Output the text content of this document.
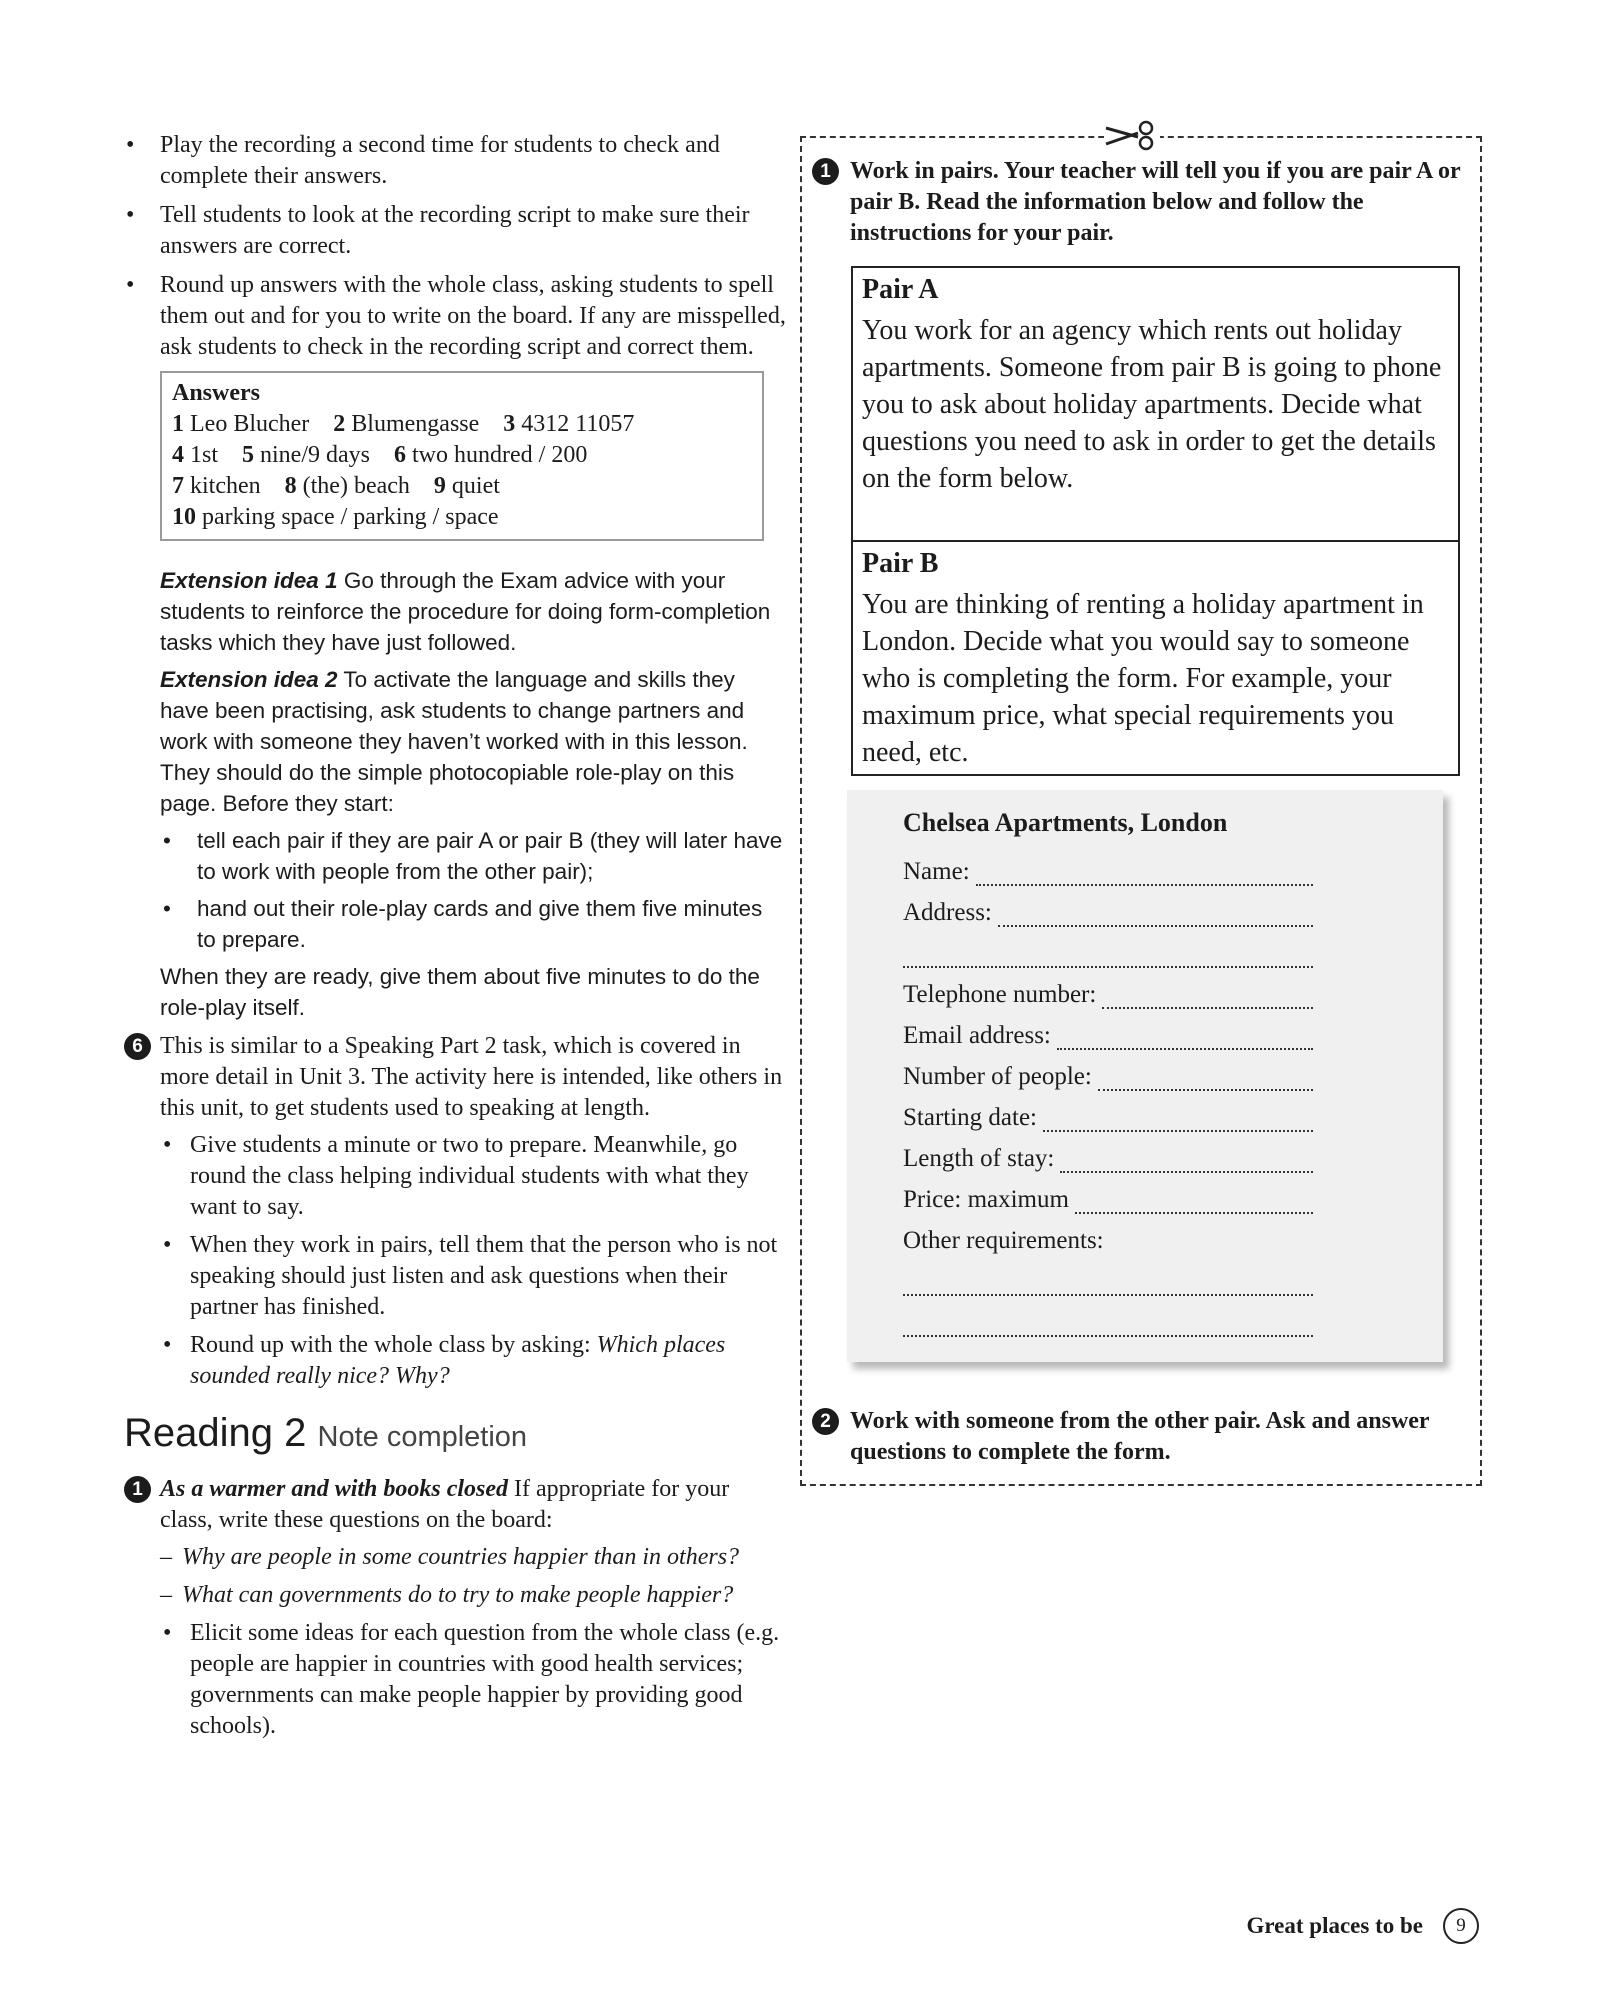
• Play the recording a second time for students to check and complete their answers.
• Tell students to look at the recording script to make sure their answers are correct.
• Round up answers with the whole class, asking students to spell them out and for you to write on the board. If any are misspelled, ask students to check in the recording script and correct them.
Answers
1 Leo Blucher 2 Blumengasse 3 4312 11057
4 1st 5 nine/9 days 6 two hundred / 200
7 kitchen 8 (the) beach 9 quiet
10 parking space / parking / space
Extension idea 1 Go through the Exam advice with your students to reinforce the procedure for doing form-completion tasks which they have just followed.
Extension idea 2 To activate the language and skills they have been practising, ask students to change partners and work with someone they haven’t worked with in this lesson. They should do the simple photocopiable role-play on this page. Before they start:
• tell each pair if they are pair A or pair B (they will later have to work with people from the other pair);
• hand out their role-play cards and give them five minutes to prepare.
When they are ready, give them about five minutes to do the role-play itself.
6 This is similar to a Speaking Part 2 task, which is covered in more detail in Unit 3. The activity here is intended, like others in this unit, to get students used to speaking at length.
• Give students a minute or two to prepare. Meanwhile, go round the class helping individual students with what they want to say.
• When they work in pairs, tell them that the person who is not speaking should just listen and ask questions when their partner has finished.
• Round up with the whole class by asking: Which places sounded really nice? Why?
Reading 2 Note completion
1 As a warmer and with books closed If appropriate for your class, write these questions on the board:
– Why are people in some countries happier than in others?
– What can governments do to try to make people happier?
• Elicit some ideas for each question from the whole class (e.g. people are happier in countries with good health services; governments can make people happier by providing good schools).
1 Work in pairs. Your teacher will tell you if you are pair A or pair B. Read the information below and follow the instructions for your pair.
Pair A

You work for an agency which rents out holiday apartments. Someone from pair B is going to phone you to ask about holiday apartments. Decide what questions you need to ask in order to get the details on the form below.

Pair B

You are thinking of renting a holiday apartment in London. Decide what you would say to someone who is completing the form. For example, your maximum price, what special requirements you need, etc.

Chelsea Apartments, London
Name:
Address:
Telephone number:
Email address:
Number of people:
Starting date:
Length of stay:
Price: maximum
Other requirements:
2 Work with someone from the other pair. Ask and answer questions to complete the form.
Great places to be	9
